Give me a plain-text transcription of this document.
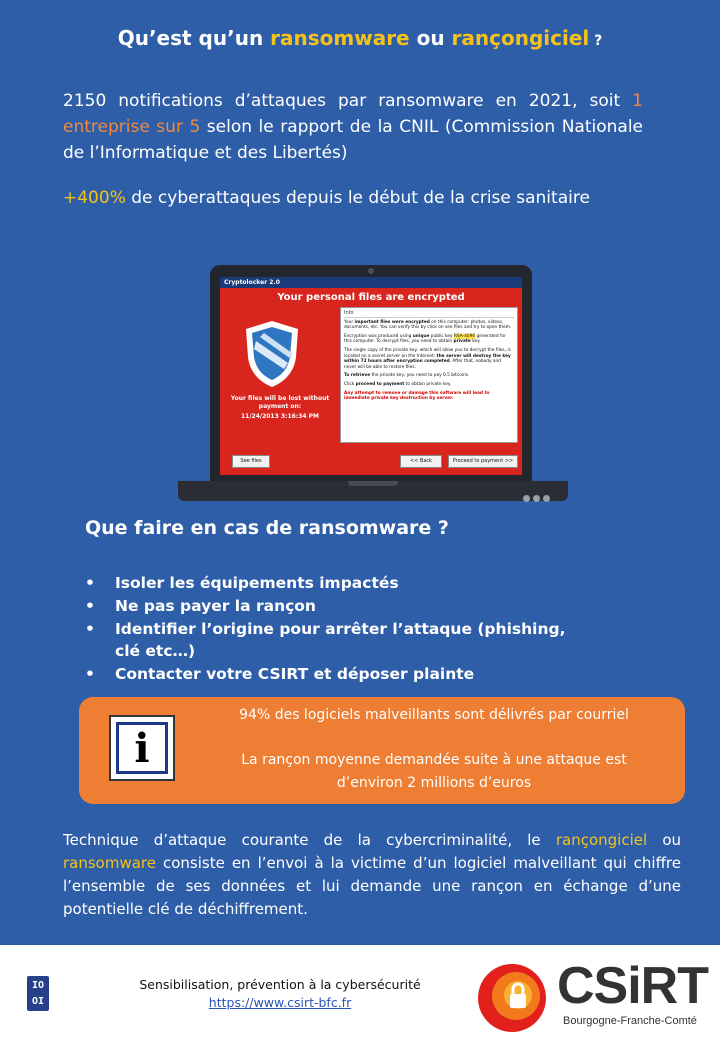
Qu’est qu’un ransomware ou rançongiciel ?

2150 notifications d’attaques par ransomware en 2021, soit 1 entreprise sur 5 selon le rapport de la CNIL (Commission Nationale de l’Informatique et des Libertés)

+400% de cyberattaques depuis le début de la crise sanitaire

Cryptolocker 2.0
Your personal files are encrypted
Your files will be lost without payment on:
11/24/2013 3:16:34 PM
Info

Your important files were encrypted on this computer: photos, videos, documents, etc. You can verify this by click on see files and try to open them.

Encryption was produced using unique public key RSA-4096 generated for this computer. To decrypt files, you need to obtain private key.

The single copy of the private key, which will allow you to decrypt the files, is located on a secret server on the Internet; the server will destroy the key within 72 hours after encryption completed. After that, nobody and never will be able to restore files.

To retrieve the private key, you need to pay 0.5 bitcoins.

Click proceed to payment to obtain private key.

Any attempt to remove or damage this software will lead to immediate private key destruction by server.

See files	<< Back	Proceed to payment >>
Que faire en cas de ransomware ?
• Isoler les équipements impactés
• Ne pas payer la rançon
• Identifier l’origine pour arrêter l’attaque (phishing, clé etc…)
• Contacter votre CSIRT et déposer plainte
i
94% des logiciels malveillants sont délivrés par courriel
La rançon moyenne demandée suite à une attaque est d’environ 2 millions d’euros

Technique d’attaque courante de la cybercriminalité, le rançongiciel ou ransomware consiste en l’envoi à la victime d’un logiciel malveillant qui chiffre l’ensemble de ses données et lui demande une rançon en échange d’une potentielle clé de déchiffrement.

IO
OI
Sensibilisation, prévention à la cybersécurité
https://www.csirt-bfc.fr	CSiRT
Bourgogne-Franche-Comté
